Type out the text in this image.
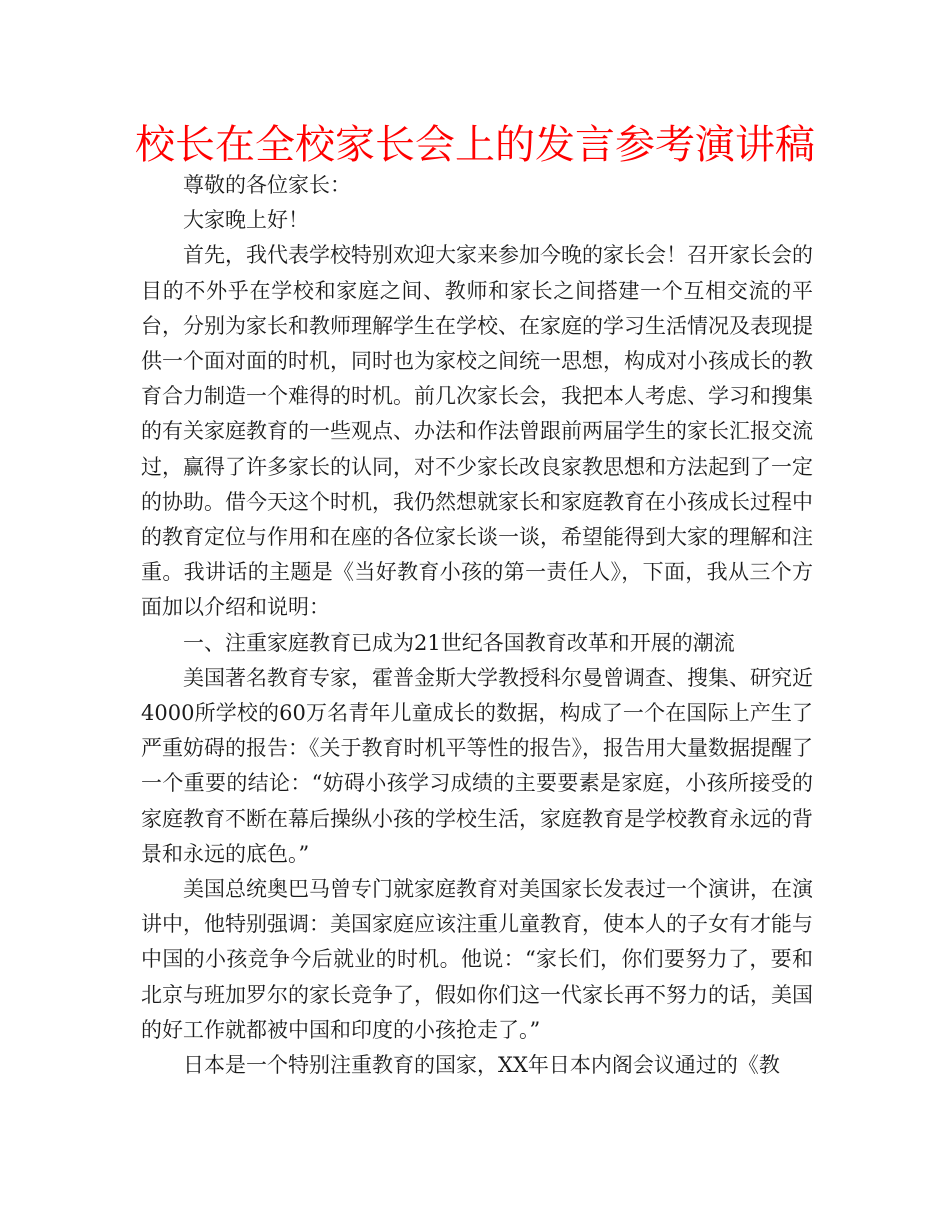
校长在全校家长会上的发言参考演讲稿

尊敬的各位家长：

大家晚上好！

首先，我代表学校特别欢迎大家来参加今晚的家长会！召开家长会的目的不外乎在学校和家庭之间、教师和家长之间搭建一个互相交流的平台，分别为家长和教师理解学生在学校、在家庭的学习生活情况及表现提供一个面对面的时机，同时也为家校之间统一思想，构成对小孩成长的教育合力制造一个难得的时机。前几次家长会，我把本人考虑、学习和搜集的有关家庭教育的一些观点、办法和作法曾跟前两届学生的家长汇报交流过，赢得了许多家长的认同，对不少家长改良家教思想和方法起到了一定的协助。借今天这个时机，我仍然想就家长和家庭教育在小孩成长过程中的教育定位与作用和在座的各位家长谈一谈，希望能得到大家的理解和注重。我讲话的主题是《当好教育小孩的第一责任人》，下面，我从三个方面加以介绍和说明：

一、注重家庭教育已成为21世纪各国教育改革和开展的潮流

美国著名教育专家，霍普金斯大学教授科尔曼曾调查、搜集、研究近4000所学校的60万名青年儿童成长的数据，构成了一个在国际上产生了严重妨碍的报告：《关于教育时机平等性的报告》，报告用大量数据提醒了一个重要的结论：“妨碍小孩学习成绩的主要要素是家庭，小孩所接受的家庭教育不断在幕后操纵小孩的学校生活，家庭教育是学校教育永远的背景和永远的底色。”

美国总统奥巴马曾专门就家庭教育对美国家长发表过一个演讲，在演讲中，他特别强调：美国家庭应该注重儿童教育，使本人的子女有才能与中国的小孩竞争今后就业的时机。他说：“家长们，你们要努力了，要和北京与班加罗尔的家长竞争了，假如你们这一代家长再不努力的话，美国的好工作就都被中国和印度的小孩抢走了。”

日本是一个特别注重教育的国家，XX年日本内阁会议通过的《教
